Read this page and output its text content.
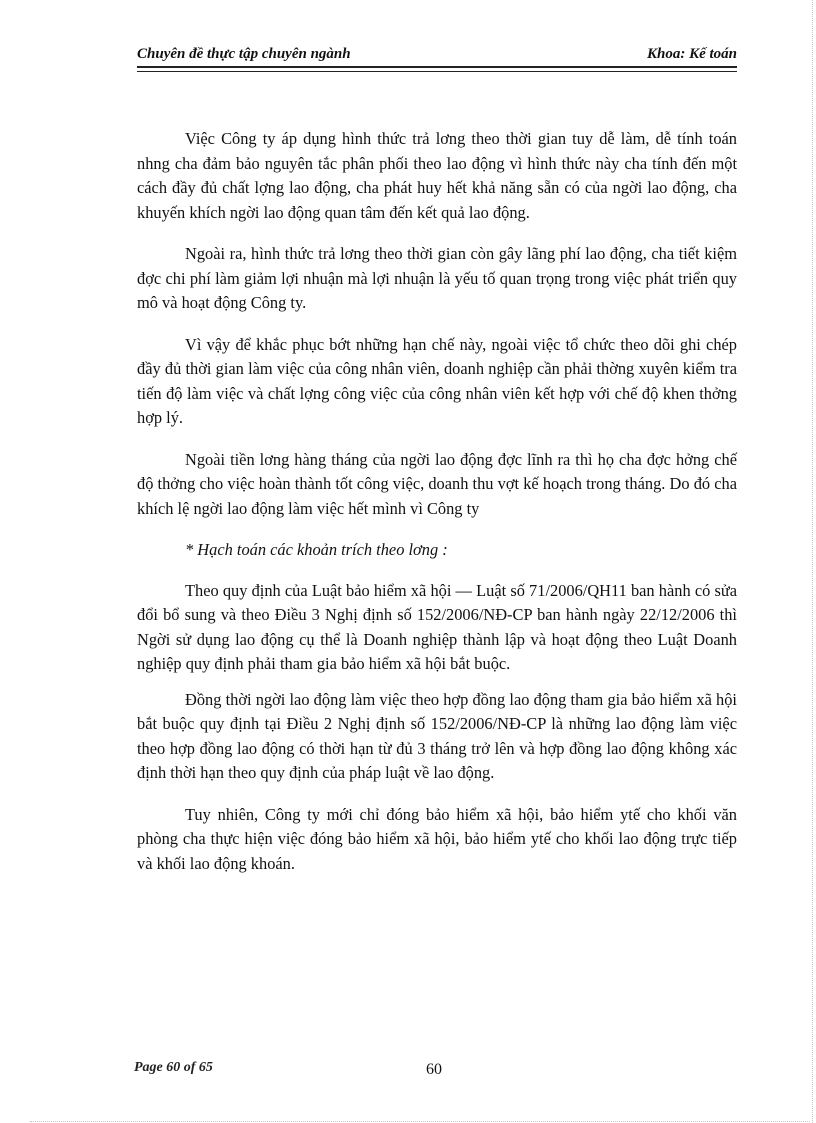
Chuyên đề thực tập chuyên ngành	Khoa: Kế toán

Việc Công ty áp dụng hình thức trả lơng theo thời gian tuy dễ làm, dễ tính toán nhng cha đảm bảo nguyên tắc phân phối theo lao động vì hình thức này cha tính đến một cách đầy đủ chất lợng lao động, cha phát huy hết khả năng sẵn có của ngời lao động, cha khuyến khích ngời lao động quan tâm đến kết quả lao động.

Ngoài ra, hình thức trả lơng theo thời gian còn gây lãng phí lao động, cha tiết kiệm đợc chi phí làm giảm lợi nhuận mà lợi nhuận là yếu tố quan trọng trong việc phát triển quy mô và hoạt động Công ty.

Vì vậy để khắc phục bớt những hạn chế này, ngoài việc tổ chức theo dõi ghi chép đầy đủ thời gian làm việc của công nhân viên, doanh nghiệp cần phải thờng xuyên kiểm tra tiến độ làm việc và chất lợng công việc của công nhân viên kết hợp với chế độ khen thởng hợp lý.

Ngoài tiền lơng hàng tháng của ngời lao động đợc lĩnh ra thì họ cha đợc hởng chế độ thởng cho việc hoàn thành tốt công việc, doanh thu vợt kế hoạch trong tháng. Do đó cha khích lệ ngời lao động làm việc hết mình vì Công ty

* Hạch toán các khoản trích theo lơng :

Theo quy định của Luật bảo hiểm xã hội — Luật số 71/2006/QH11 ban hành có sửa đổi bổ sung và theo Điều 3 Nghị định số 152/2006/NĐ-CP ban hành ngày 22/12/2006 thì Ngời sử dụng lao động cụ thể là Doanh nghiệp thành lập và hoạt động theo Luật Doanh nghiệp quy định phải tham gia bảo hiểm xã hội bắt buộc.

Đồng thời ngời lao động làm việc theo hợp đồng lao động tham gia bảo hiểm xã hội bắt buộc quy định tại Điều 2 Nghị định số 152/2006/NĐ-CP là những lao động làm việc theo hợp đồng lao động có thời hạn từ đủ 3 tháng trở lên và hợp đồng lao động không xác định thời hạn theo quy định của pháp luật về lao động.

Tuy nhiên, Công ty mới chỉ đóng bảo hiểm xã hội, bảo hiểm ytế cho khối văn phòng cha thực hiện việc đóng bảo hiểm xã hội, bảo hiểm ytế cho khối lao động trực tiếp và khối lao động khoán.

Page 60 of 65	60
